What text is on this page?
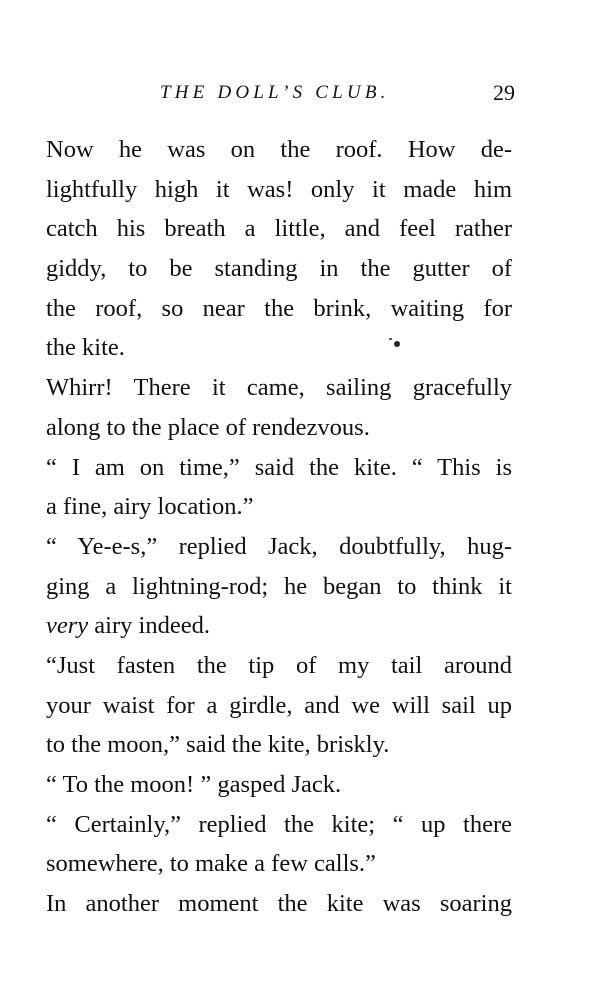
THE DOLL’S CLUB.	29
Now he was on the roof. How de-
lightfully high it was! only it made him
catch his breath a little, and feel rather
giddy, to be standing in the gutter of
the roof, so near the brink, waiting for
the kite.
Whirr! There it came, sailing gracefully
along to the place of rendezvous.
“ I am on time,” said the kite. “ This is
a fine, airy location.”
“ Ye-e-s,” replied Jack, doubtfully, hug-
ging a lightning-rod; he began to think it
very airy indeed.
“Just fasten the tip of my tail around
your waist for a girdle, and we will sail up
to the moon,” said the kite, briskly.
“ To the moon! ” gasped Jack.
“ Certainly,” replied the kite; “ up there
somewhere, to make a few calls.”
In another moment the kite was soaring
